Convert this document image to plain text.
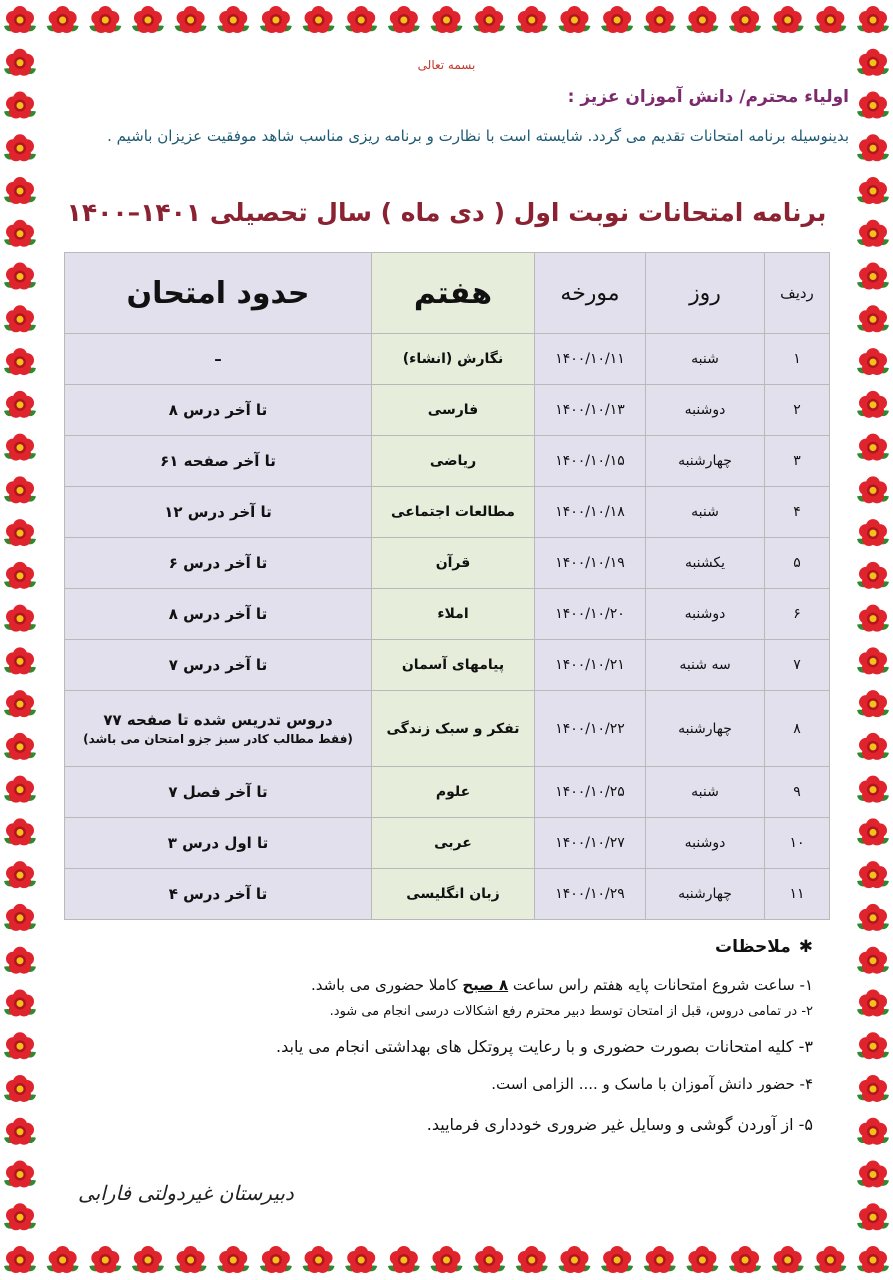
بسمه تعالی
اولیاء محترم/ دانش آموزان عزیز :
بدینوسیله برنامه امتحانات تقدیم می گردد. شایسته است با نظارت و برنامه ریزی مناسب شاهد موفقیت عزیزان باشیم .
برنامه امتحانات نوبت اول ( دی ماه ) سال تحصیلی ۱۴۰۱–۱۴۰۰
ردیف	روز	مورخه	هفتم	حدود امتحان
۱	شنبه	۱۴۰۰/۱۰/۱۱	نگارش (انشاء)	–
۲	دوشنبه	۱۴۰۰/۱۰/۱۳	فارسی	تا آخر درس ۸
۳	چهارشنبه	۱۴۰۰/۱۰/۱۵	ریاضی	تا آخر صفحه ۶۱
۴	شنبه	۱۴۰۰/۱۰/۱۸	مطالعات اجتماعی	تا آخر درس ۱۲
۵	یکشنبه	۱۴۰۰/۱۰/۱۹	قرآن	تا آخر درس ۶
۶	دوشنبه	۱۴۰۰/۱۰/۲۰	املاء	تا آخر درس ۸
۷	سه شنبه	۱۴۰۰/۱۰/۲۱	پیامهای آسمان	تا آخر درس ۷
۸	چهارشنبه	۱۴۰۰/۱۰/۲۲	تفکر و سبک زندگی	دروس تدریس شده تا صفحه ۷۷
(فقط مطالب کادر سبز جزو امتحان می باشد)

۹	شنبه	۱۴۰۰/۱۰/۲۵	علوم	تا آخر فصل ۷
۱۰	دوشنبه	۱۴۰۰/۱۰/۲۷	عربی	تا اول درس ۳
۱۱	چهارشنبه	۱۴۰۰/۱۰/۲۹	زبان انگلیسی	تا آخر درس ۴
✱ملاحظات
۱- ساعت شروع امتحانات پایه هفتم راس ساعت ۸ صبح کاملا حضوری می باشد.
۲- در تمامی دروس، قبل از امتحان توسط دبیر محترم رفع اشکالات درسی انجام می شود.
۳- کلیه امتحانات بصورت حضوری و با رعایت پروتکل های بهداشتی انجام می یابد.
۴- حضور دانش آموزان با ماسک و .... الزامی است.
۵- از آوردن گوشی و وسایل غیر ضروری خودداری فرمایید.
دبیرستان غیردولتی فارابی
